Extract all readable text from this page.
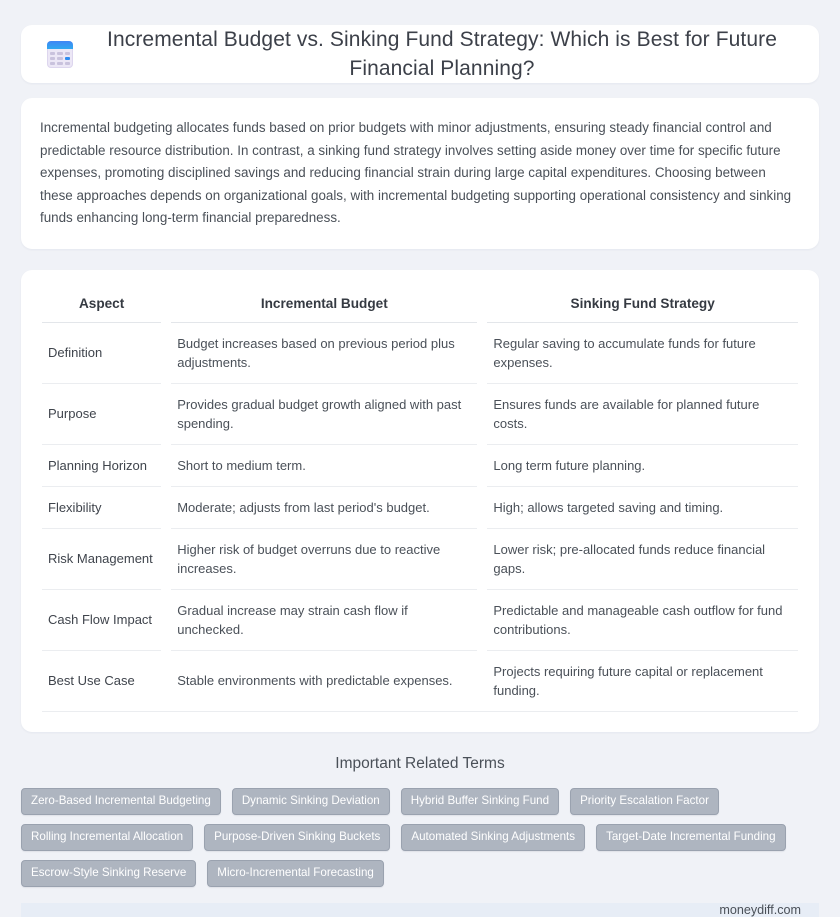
Incremental Budget vs. Sinking Fund Strategy: Which is Best for Future Financial Planning?

Incremental budgeting allocates funds based on prior budgets with minor adjustments, ensuring steady financial control and predictable resource distribution. In contrast, a sinking fund strategy involves setting aside money over time for specific future expenses, promoting disciplined savings and reducing financial strain during large capital expenditures. Choosing between these approaches depends on organizational goals, with incremental budgeting supporting operational consistency and sinking funds enhancing long-term financial preparedness.

Aspect		Incremental Budget		Sinking Fund Strategy
Definition		Budget increases based on previous period plus adjustments.		Regular saving to accumulate funds for future expenses.
Purpose		Provides gradual budget growth aligned with past spending.		Ensures funds are available for planned future costs.
Planning Horizon		Short to medium term.		Long term future planning.
Flexibility		Moderate; adjusts from last period's budget.		High; allows targeted saving and timing.
Risk Management		Higher risk of budget overruns due to reactive increases.		Lower risk; pre-allocated funds reduce financial gaps.
Cash Flow Impact		Gradual increase may strain cash flow if unchecked.		Predictable and manageable cash outflow for fund contributions.
Best Use Case		Stable environments with predictable expenses.		Projects requiring future capital or replacement funding.
Important Related Terms
Zero-Based Incremental Budgeting	Dynamic Sinking Deviation	Hybrid Buffer Sinking Fund	Priority Escalation Factor
Rolling Incremental Allocation	Purpose-Driven Sinking Buckets	Automated Sinking Adjustments	Target-Date Incremental Funding
Escrow-Style Sinking Reserve	Micro-Incremental Forecasting
moneydiff.com
